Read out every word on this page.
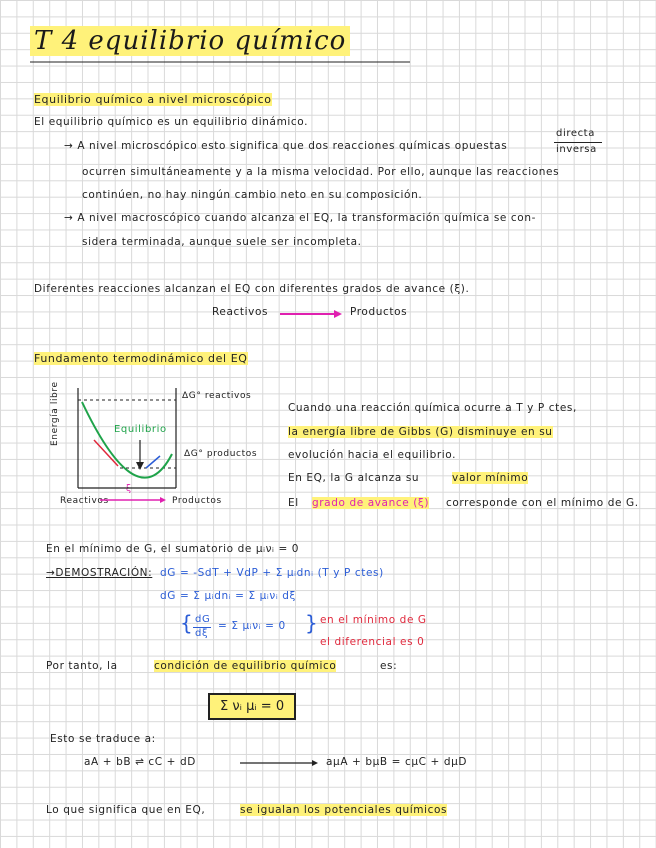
T 4 equilibrio químico
Equilibrio químico a nivel microscópico
El equilibrio químico es un equilibrio dinámico.
→ A nivel microscópico esto significa que dos reacciones químicas opuestas
directa
inversa
ocurren simultáneamente y a la misma velocidad. Por ello, aunque las reacciones
continúen, no hay ningún cambio neto en su composición.
→ A nivel macroscópico cuando alcanza el EQ, la transformación química se con-
sidera terminada, aunque suele ser incompleta.
Diferentes reacciones alcanzan el EQ con diferentes grados de avance (ξ).
Reactivos	Productos
Fundamento termodinámico del EQ
Energía libre	Equilibrio
ΔG° reactivos
ΔG° productos
Reactivos	Productos
ξ
Cuando una reacción química ocurre a T y P ctes,
la energía libre de Gibbs (G) disminuye en su
evolución hacia el equilibrio.
En EQ, la G alcanza su	valor mínimo
El grado de avance (ξ) corresponde con el mínimo de G.
En el mínimo de G, el sumatorio de μᵢνᵢ = 0
→DEMOSTRACIÓN: dG = -SdT + VdP + Σ μᵢdnᵢ (T y P ctes)
dG = Σ μᵢdnᵢ = Σ μᵢνᵢ dξ
{ dG
dξ
= Σ μᵢνᵢ = 0 } en el mínimo de G
el diferencial es 0
Por tanto, la	condición de equilibrio químico	es:
Σ νᵢ μᵢ = 0
Esto se traduce a:
aA + bB ⇌ cC + dD	aμA + bμB = cμC + dμD
Lo que significa que en EQ,	se igualan los potenciales químicos
